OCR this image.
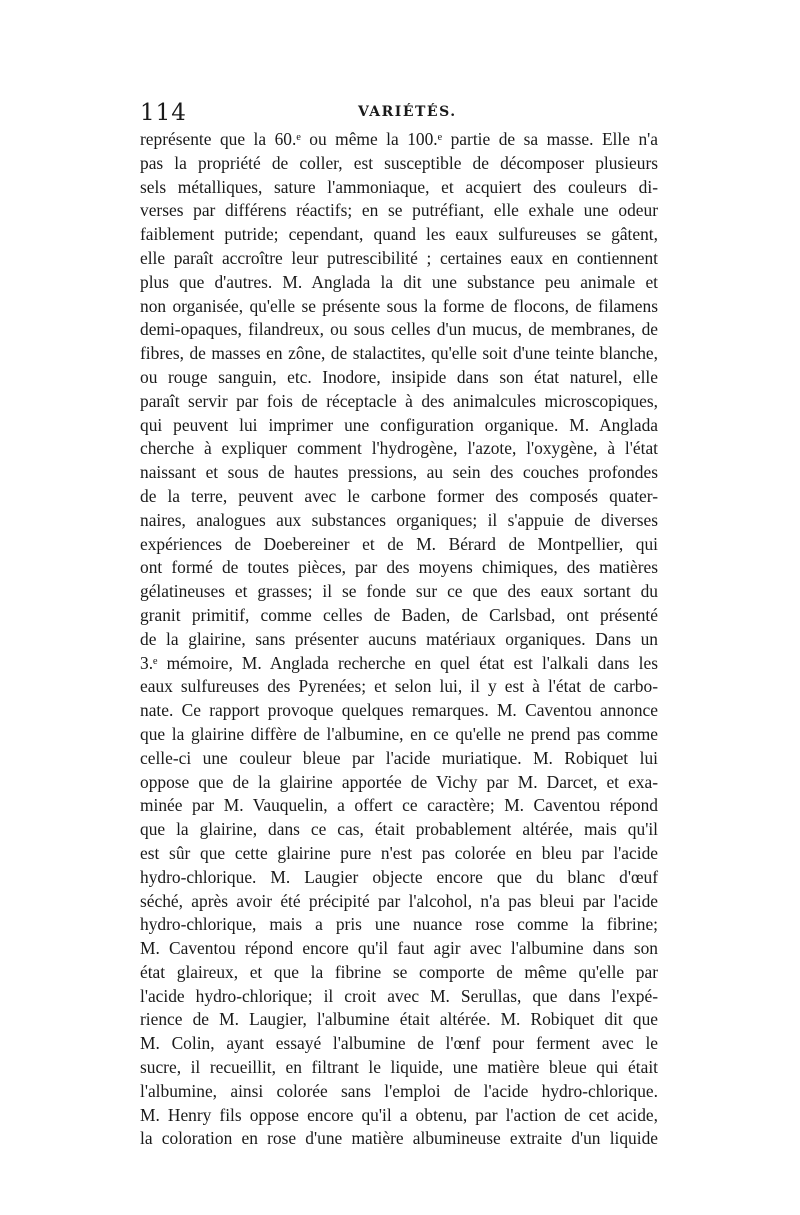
114	VARIÉTÉS.
représente que la 60.ᵉ ou même la 100.ᵉ partie de sa masse. Elle n'a
pas la propriété de coller, est susceptible de décomposer plusieurs
sels métalliques, sature l'ammoniaque, et acquiert des couleurs di-
verses par différens réactifs; en se putréfiant, elle exhale une odeur
faiblement putride; cependant, quand les eaux sulfureuses se gâtent,
elle paraît accroître leur putrescibilité ; certaines eaux en contiennent
plus que d'autres. M. Anglada la dit une substance peu animale et
non organisée, qu'elle se présente sous la forme de flocons, de filamens
demi-opaques, filandreux, ou sous celles d'un mucus, de membranes, de
fibres, de masses en zône, de stalactites, qu'elle soit d'une teinte blanche,
ou rouge sanguin, etc. Inodore, insipide dans son état naturel, elle
paraît servir par fois de réceptacle à des animalcules microscopiques,
qui peuvent lui imprimer une configuration organique. M. Anglada
cherche à expliquer comment l'hydrogène, l'azote, l'oxygène, à l'état
naissant et sous de hautes pressions, au sein des couches profondes
de la terre, peuvent avec le carbone former des composés quater-
naires, analogues aux substances organiques; il s'appuie de diverses
expériences de Doebereiner et de M. Bérard de Montpellier, qui
ont formé de toutes pièces, par des moyens chimiques, des matières
gélatineuses et grasses; il se fonde sur ce que des eaux sortant du
granit primitif, comme celles de Baden, de Carlsbad, ont présenté
de la glairine, sans présenter aucuns matériaux organiques. Dans un
3.ᵉ mémoire, M. Anglada recherche en quel état est l'alkali dans les
eaux sulfureuses des Pyrenées; et selon lui, il y est à l'état de carbo-
nate. Ce rapport provoque quelques remarques. M. Caventou annonce
que la glairine diffère de l'albumine, en ce qu'elle ne prend pas comme
celle-ci une couleur bleue par l'acide muriatique. M. Robiquet lui
oppose que de la glairine apportée de Vichy par M. Darcet, et exa-
minée par M. Vauquelin, a offert ce caractère; M. Caventou répond
que la glairine, dans ce cas, était probablement altérée, mais qu'il
est sûr que cette glairine pure n'est pas colorée en bleu par l'acide
hydro-chlorique. M. Laugier objecte encore que du blanc d'œuf
séché, après avoir été précipité par l'alcohol, n'a pas bleui par l'acide
hydro-chlorique, mais a pris une nuance rose comme la fibrine;
M. Caventou répond encore qu'il faut agir avec l'albumine dans son
état glaireux, et que la fibrine se comporte de même qu'elle par
l'acide hydro-chlorique; il croit avec M. Serullas, que dans l'expé-
rience de M. Laugier, l'albumine était altérée. M. Robiquet dit que
M. Colin, ayant essayé l'albumine de l'œnf pour ferment avec le
sucre, il recueillit, en filtrant le liquide, une matière bleue qui était
l'albumine, ainsi colorée sans l'emploi de l'acide hydro-chlorique.
M. Henry fils oppose encore qu'il a obtenu, par l'action de cet acide,
la coloration en rose d'une matière albumineuse extraite d'un liquide
